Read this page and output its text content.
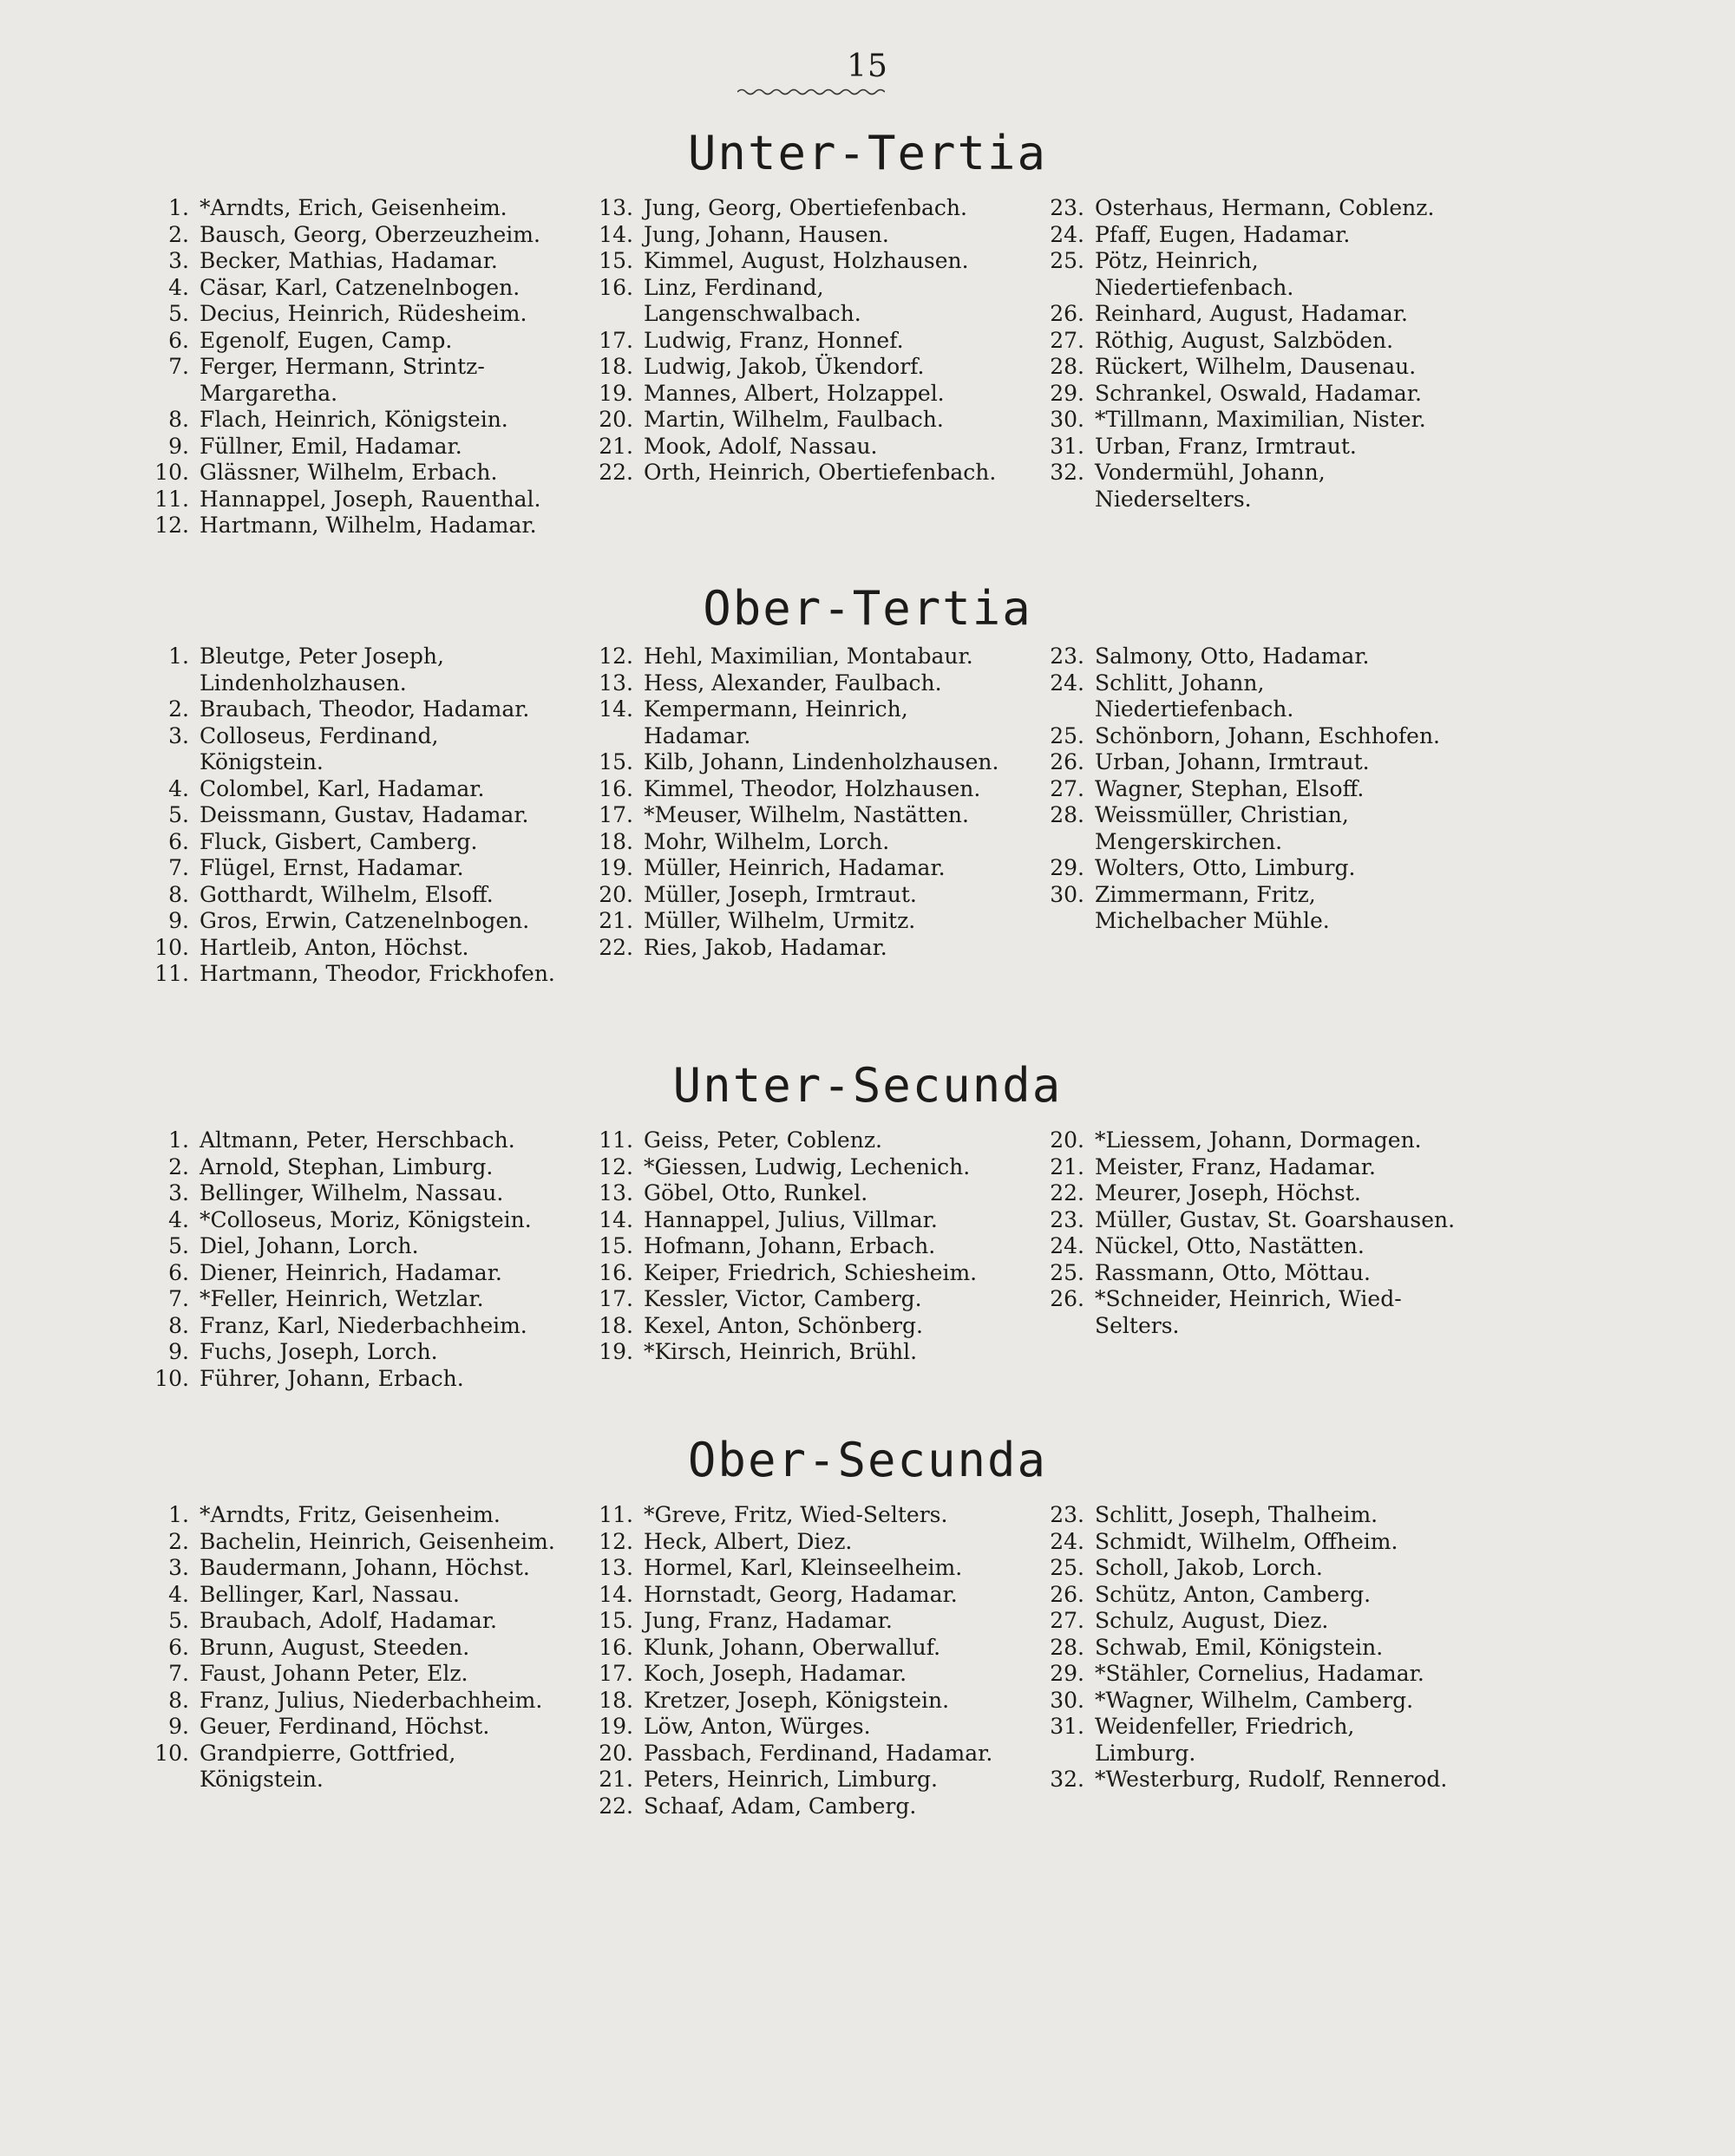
15
Unter-Tertia
1. *Arndts, Erich, Geisenheim.
2. Bausch, Georg, Oberzeuzheim.
3. Becker, Mathias, Hadamar.
4. Cäsar, Karl, Catzenelnbogen.
5. Decius, Heinrich, Rüdesheim.
6. Egenolf, Eugen, Camp.
7. Ferger, Hermann, Strintz-Margaretha.
8. Flach, Heinrich, Königstein.
9. Füllner, Emil, Hadamar.
10. Glässner, Wilhelm, Erbach.
11. Hannappel, Joseph, Rauenthal.
12. Hartmann, Wilhelm, Hadamar.
13. Jung, Georg, Obertiefenbach.
14. Jung, Johann, Hausen.
15. Kimmel, August, Holzhausen.
16. Linz, Ferdinand, Langenschwalbach.
17. Ludwig, Franz, Honnef.
18. Ludwig, Jakob, Ükendorf.
19. Mannes, Albert, Holzappel.
20. Martin, Wilhelm, Faulbach.
21. Mook, Adolf, Nassau.
22. Orth, Heinrich, Obertiefenbach.
23. Osterhaus, Hermann, Coblenz.
24. Pfaff, Eugen, Hadamar.
25. Pötz, Heinrich, Niedertiefenbach.
26. Reinhard, August, Hadamar.
27. Röthig, August, Salzböden.
28. Rückert, Wilhelm, Dausenau.
29. Schrankel, Oswald, Hadamar.
30. *Tillmann, Maximilian, Nister.
31. Urban, Franz, Irmtraut.
32. Vondermühl, Johann, Niederselters.
Ober-Tertia
1. Bleutge, Peter Joseph, Lindenholzhausen.
2. Braubach, Theodor, Hadamar.
3. Colloseus, Ferdinand, Königstein.
4. Colombel, Karl, Hadamar.
5. Deissmann, Gustav, Hadamar.
6. Fluck, Gisbert, Camberg.
7. Flügel, Ernst, Hadamar.
8. Gotthardt, Wilhelm, Elsoff.
9. Gros, Erwin, Catzenelnbogen.
10. Hartleib, Anton, Höchst.
11. Hartmann, Theodor, Frickhofen.
12. Hehl, Maximilian, Montabaur.
13. Hess, Alexander, Faulbach.
14. Kempermann, Heinrich, Hadamar.
15. Kilb, Johann, Lindenholzhausen.
16. Kimmel, Theodor, Holzhausen.
17. *Meuser, Wilhelm, Nastätten.
18. Mohr, Wilhelm, Lorch.
19. Müller, Heinrich, Hadamar.
20. Müller, Joseph, Irmtraut.
21. Müller, Wilhelm, Urmitz.
22. Ries, Jakob, Hadamar.
23. Salmony, Otto, Hadamar.
24. Schlitt, Johann, Niedertiefenbach.
25. Schönborn, Johann, Eschhofen.
26. Urban, Johann, Irmtraut.
27. Wagner, Stephan, Elsoff.
28. Weissmüller, Christian, Mengerskirchen.
29. Wolters, Otto, Limburg.
30. Zimmermann, Fritz, Michelbacher Mühle.
Unter-Secunda
1. Altmann, Peter, Herschbach.
2. Arnold, Stephan, Limburg.
3. Bellinger, Wilhelm, Nassau.
4. *Colloseus, Moriz, Königstein.
5. Diel, Johann, Lorch.
6. Diener, Heinrich, Hadamar.
7. *Feller, Heinrich, Wetzlar.
8. Franz, Karl, Niederbachheim.
9. Fuchs, Joseph, Lorch.
10. Führer, Johann, Erbach.
11. Geiss, Peter, Coblenz.
12. *Giessen, Ludwig, Lechenich.
13. Göbel, Otto, Runkel.
14. Hannappel, Julius, Villmar.
15. Hofmann, Johann, Erbach.
16. Keiper, Friedrich, Schiesheim.
17. Kessler, Victor, Camberg.
18. Kexel, Anton, Schönberg.
19. *Kirsch, Heinrich, Brühl.
20. *Liessem, Johann, Dormagen.
21. Meister, Franz, Hadamar.
22. Meurer, Joseph, Höchst.
23. Müller, Gustav, St. Goarshausen.
24. Nückel, Otto, Nastätten.
25. Rassmann, Otto, Möttau.
26. *Schneider, Heinrich, Wied-Selters.
Ober-Secunda
1. *Arndts, Fritz, Geisenheim.
2. Bachelin, Heinrich, Geisenheim.
3. Baudermann, Johann, Höchst.
4. Bellinger, Karl, Nassau.
5. Braubach, Adolf, Hadamar.
6. Brunn, August, Steeden.
7. Faust, Johann Peter, Elz.
8. Franz, Julius, Niederbachheim.
9. Geuer, Ferdinand, Höchst.
10. Grandpierre, Gottfried, Königstein.
11. *Greve, Fritz, Wied-Selters.
12. Heck, Albert, Diez.
13. Hormel, Karl, Kleinseelheim.
14. Hornstadt, Georg, Hadamar.
15. Jung, Franz, Hadamar.
16. Klunk, Johann, Oberwalluf.
17. Koch, Joseph, Hadamar.
18. Kretzer, Joseph, Königstein.
19. Löw, Anton, Würges.
20. Passbach, Ferdinand, Hadamar.
21. Peters, Heinrich, Limburg.
22. Schaaf, Adam, Camberg.
23. Schlitt, Joseph, Thalheim.
24. Schmidt, Wilhelm, Offheim.
25. Scholl, Jakob, Lorch.
26. Schütz, Anton, Camberg.
27. Schulz, August, Diez.
28. Schwab, Emil, Königstein.
29. *Stähler, Cornelius, Hadamar.
30. *Wagner, Wilhelm, Camberg.
31. Weidenfeller, Friedrich, Limburg.
32. *Westerburg, Rudolf, Rennerod.
